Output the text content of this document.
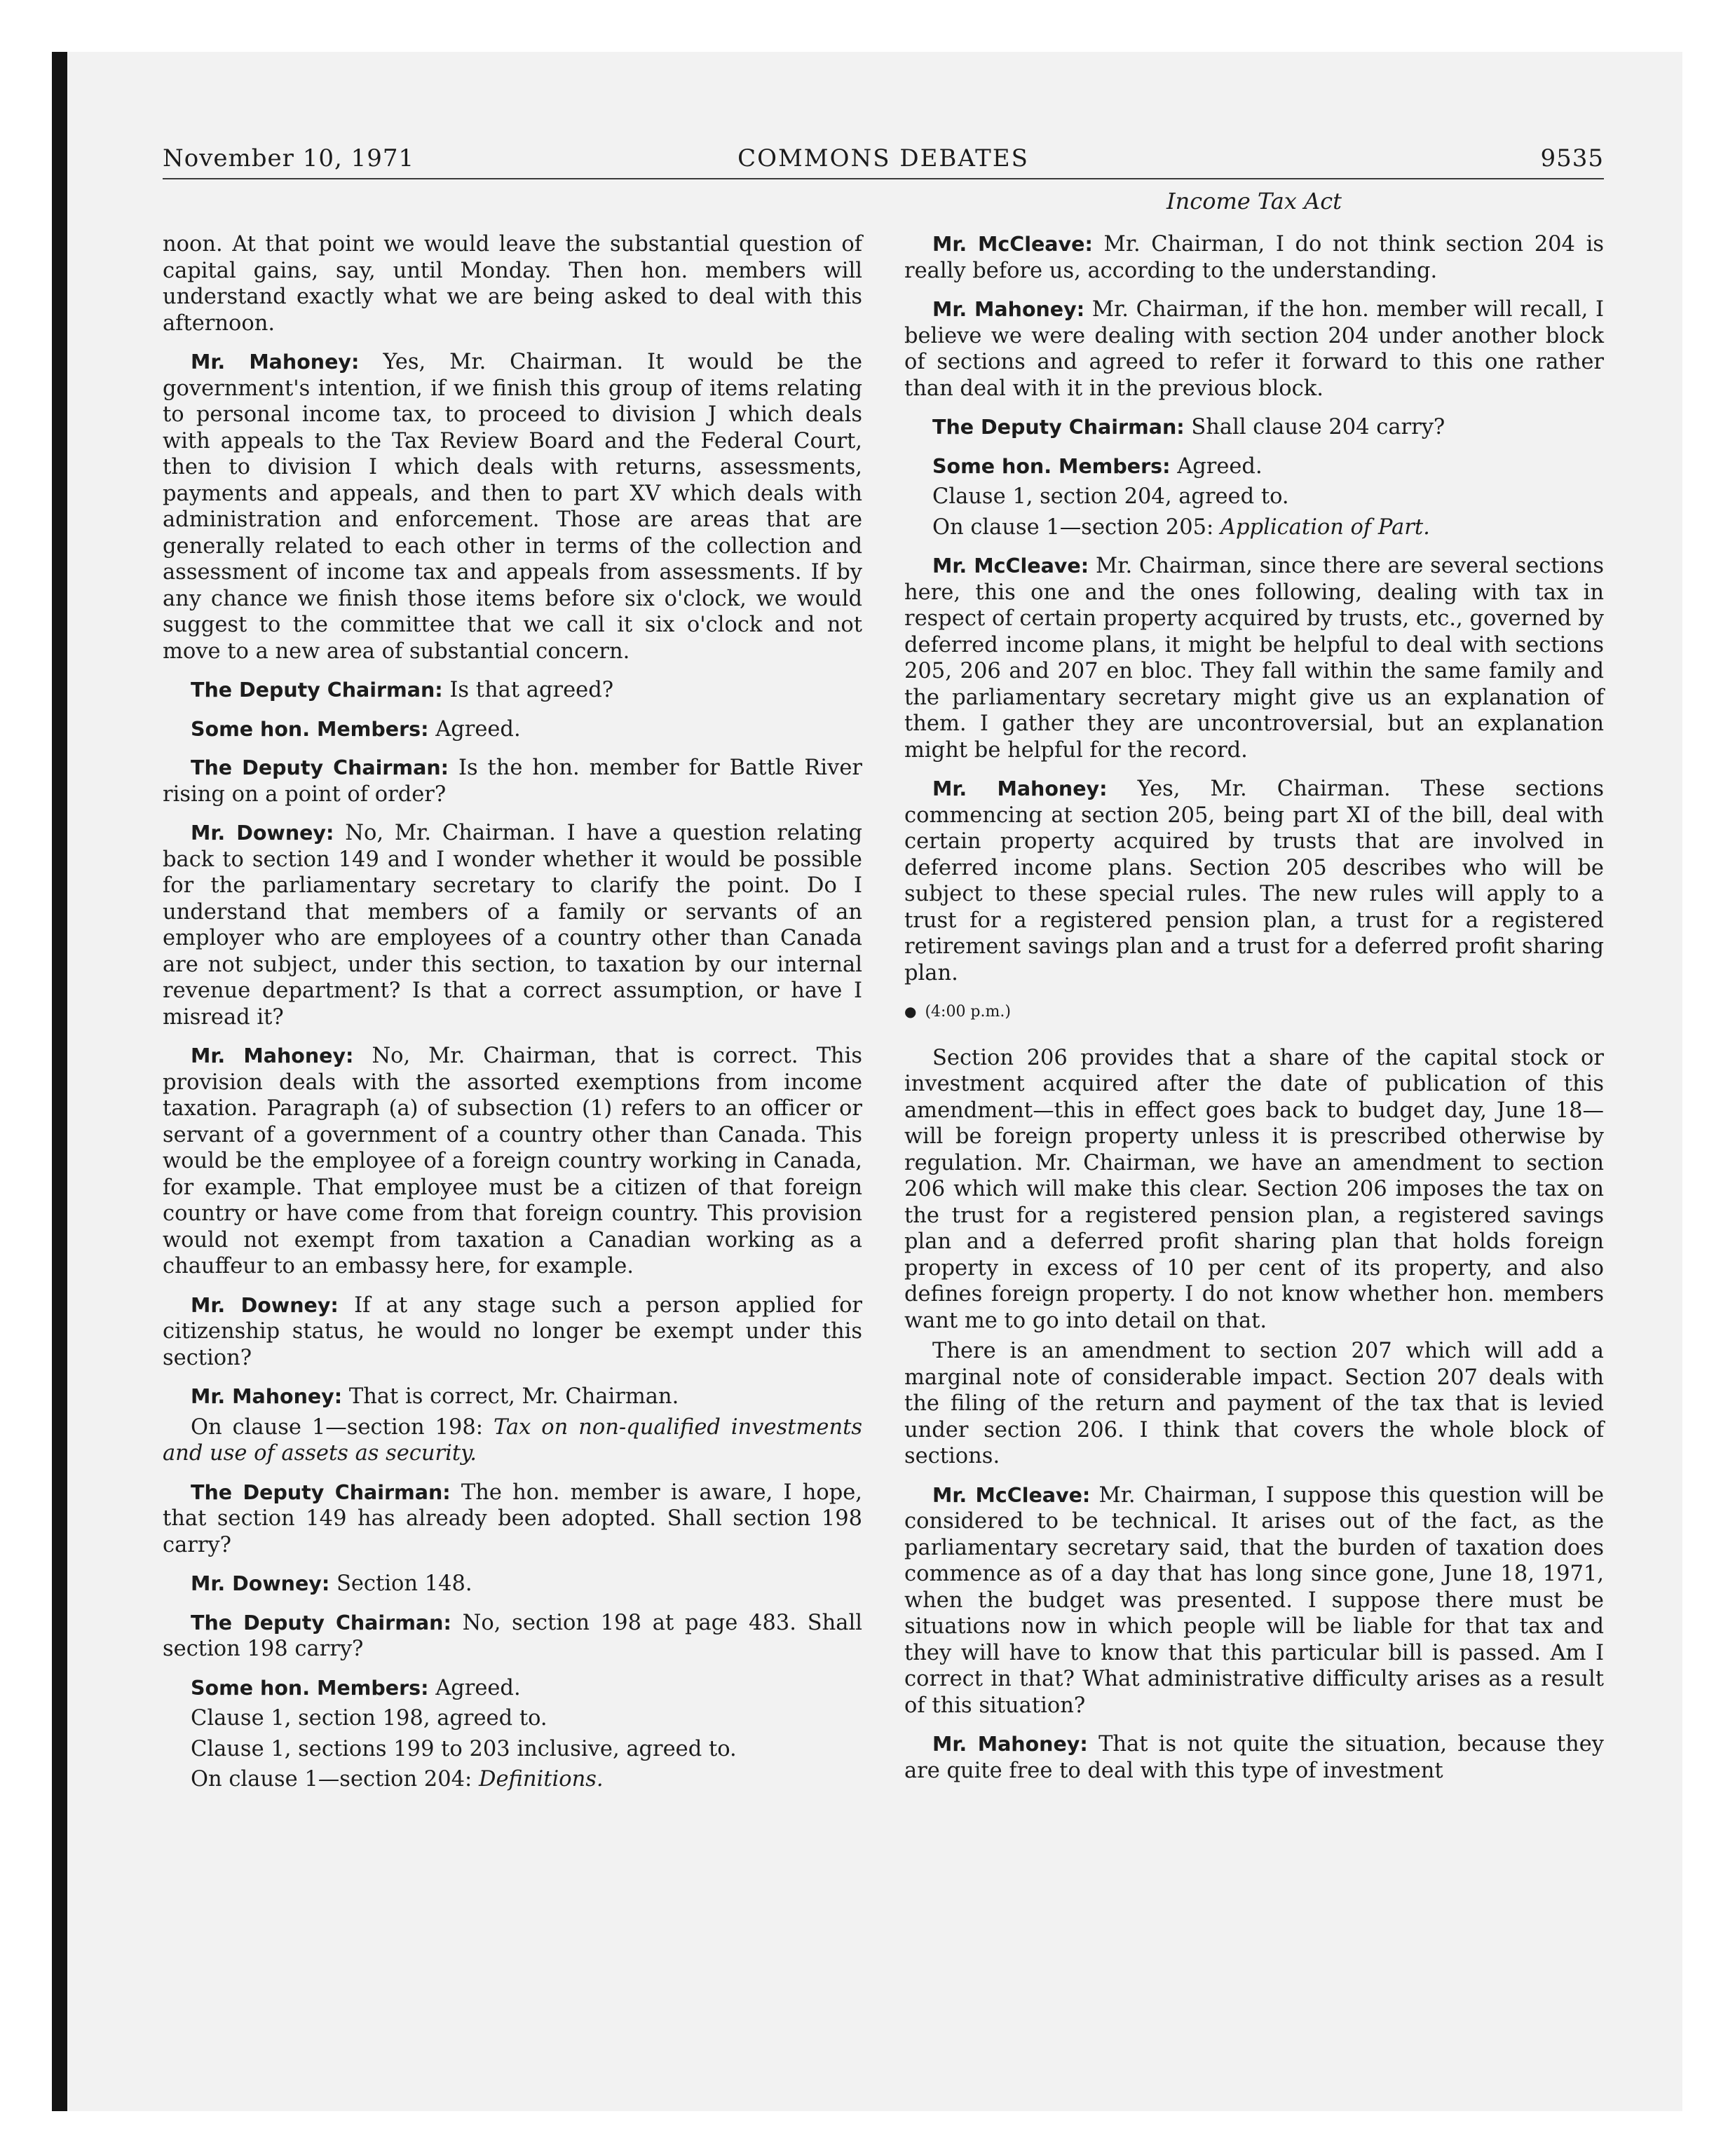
November 10, 1971	COMMONS DEBATES	9535
Income Tax Act

noon. At that point we would leave the substantial question of capital gains, say, until Monday. Then hon. members will understand exactly what we are being asked to deal with this afternoon.

Mr. Mahoney: Yes, Mr. Chairman. It would be the government's intention, if we finish this group of items relating to personal income tax, to proceed to division J which deals with appeals to the Tax Review Board and the Federal Court, then to division I which deals with returns, assessments, payments and appeals, and then to part XV which deals with administration and enforcement. Those are areas that are generally related to each other in terms of the collection and assessment of income tax and appeals from assessments. If by any chance we finish those items before six o'clock, we would suggest to the committee that we call it six o'clock and not move to a new area of substantial concern.

The Deputy Chairman: Is that agreed?

Some hon. Members: Agreed.

The Deputy Chairman: Is the hon. member for Battle River rising on a point of order?

Mr. Downey: No, Mr. Chairman. I have a question relating back to section 149 and I wonder whether it would be possible for the parliamentary secretary to clarify the point. Do I understand that members of a family or servants of an employer who are employees of a country other than Canada are not subject, under this section, to taxation by our internal revenue department? Is that a correct assumption, or have I misread it?

Mr. Mahoney: No, Mr. Chairman, that is correct. This provision deals with the assorted exemptions from income taxation. Paragraph (a) of subsection (1) refers to an officer or servant of a government of a country other than Canada. This would be the employee of a foreign country working in Canada, for example. That employee must be a citizen of that foreign country or have come from that foreign country. This provision would not exempt from taxation a Canadian working as a chauffeur to an embassy here, for example.

Mr. Downey: If at any stage such a person applied for citizenship status, he would no longer be exempt under this section?

Mr. Mahoney: That is correct, Mr. Chairman.

On clause 1—section 198: Tax on non-qualified investments and use of assets as security.

The Deputy Chairman: The hon. member is aware, I hope, that section 149 has already been adopted. Shall section 198 carry?

Mr. Downey: Section 148.

The Deputy Chairman: No, section 198 at page 483. Shall section 198 carry?

Some hon. Members: Agreed.

Clause 1, section 198, agreed to.

Clause 1, sections 199 to 203 inclusive, agreed to.

On clause 1—section 204: Definitions.

Mr. McCleave: Mr. Chairman, I do not think section 204 is really before us, according to the understanding.

Mr. Mahoney: Mr. Chairman, if the hon. member will recall, I believe we were dealing with section 204 under another block of sections and agreed to refer it forward to this one rather than deal with it in the previous block.

The Deputy Chairman: Shall clause 204 carry?

Some hon. Members: Agreed.

Clause 1, section 204, agreed to.

On clause 1—section 205: Application of Part.

Mr. McCleave: Mr. Chairman, since there are several sections here, this one and the ones following, dealing with tax in respect of certain property acquired by trusts, etc., governed by deferred income plans, it might be helpful to deal with sections 205, 206 and 207 en bloc. They fall within the same family and the parliamentary secretary might give us an explanation of them. I gather they are uncontroversial, but an explanation might be helpful for the record.

Mr. Mahoney: Yes, Mr. Chairman. These sections commencing at section 205, being part XI of the bill, deal with certain property acquired by trusts that are involved in deferred income plans. Section 205 describes who will be subject to these special rules. The new rules will apply to a trust for a registered pension plan, a trust for a registered retirement savings plan and a trust for a deferred profit sharing plan.

● (4:00 p.m.)

Section 206 provides that a share of the capital stock or investment acquired after the date of publication of this amendment—this in effect goes back to budget day, June 18—will be foreign property unless it is prescribed otherwise by regulation. Mr. Chairman, we have an amendment to section 206 which will make this clear. Section 206 imposes the tax on the trust for a registered pension plan, a registered savings plan and a deferred profit sharing plan that holds foreign property in excess of 10 per cent of its property, and also defines foreign property. I do not know whether hon. members want me to go into detail on that.

There is an amendment to section 207 which will add a marginal note of considerable impact. Section 207 deals with the filing of the return and payment of the tax that is levied under section 206. I think that covers the whole block of sections.

Mr. McCleave: Mr. Chairman, I suppose this question will be considered to be technical. It arises out of the fact, as the parliamentary secretary said, that the burden of taxation does commence as of a day that has long since gone, June 18, 1971, when the budget was presented. I suppose there must be situations now in which people will be liable for that tax and they will have to know that this particular bill is passed. Am I correct in that? What administrative difficulty arises as a result of this situation?

Mr. Mahoney: That is not quite the situation, because they are quite free to deal with this type of investment
